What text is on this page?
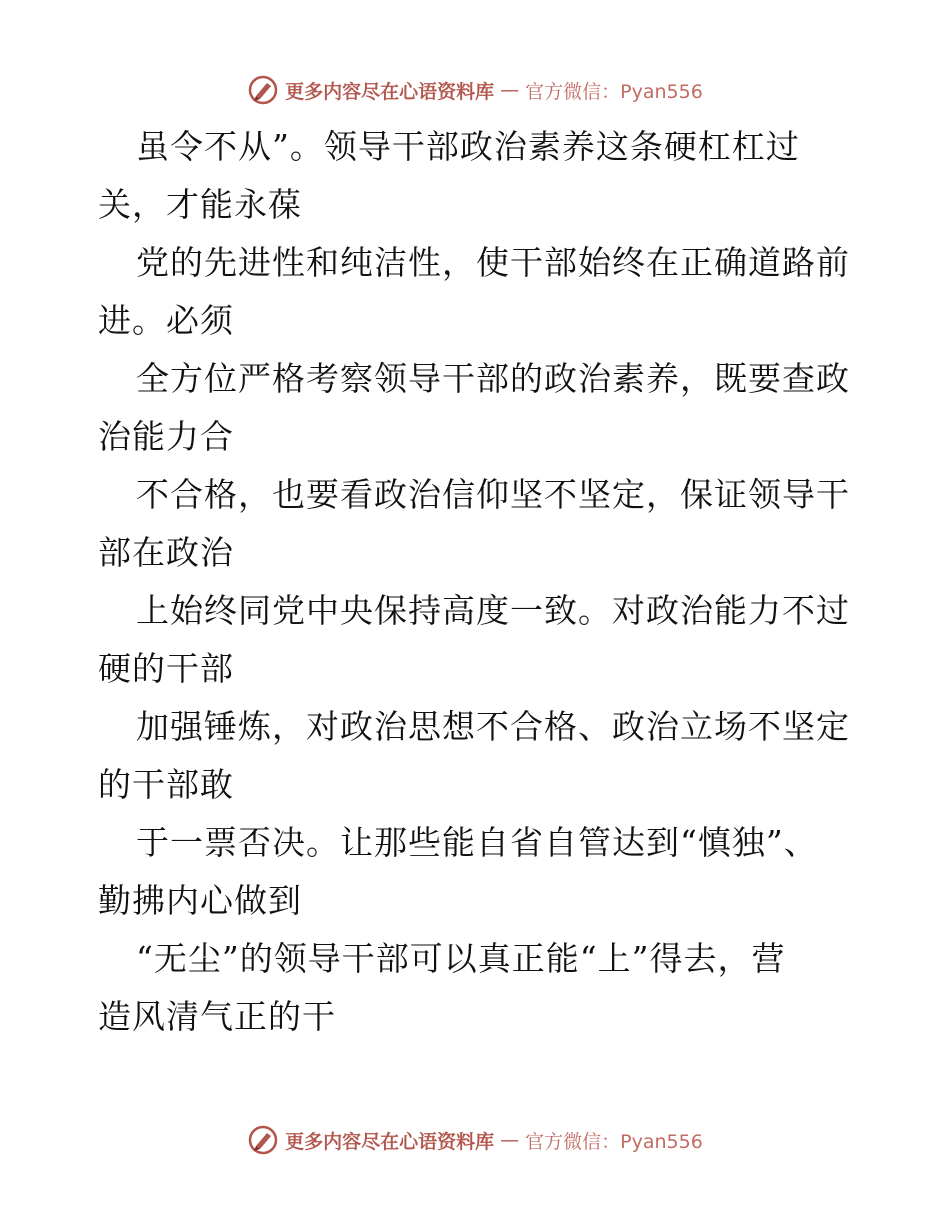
更多内容尽在心语资料库 — 官方微信：Pyan556
虽令不从”。领导干部政治素养这条硬杠杠过
关，才能永葆
党的先进性和纯洁性，使干部始终在正确道路前
进。必须
全方位严格考察领导干部的政治素养，既要查政
治能力合
不合格，也要看政治信仰坚不坚定，保证领导干
部在政治
上始终同党中央保持高度一致。对政治能力不过
硬的干部
加强锤炼，对政治思想不合格、政治立场不坚定
的干部敢
于一票否决。让那些能自省自管达到“慎独”、
勤拂内心做到
“无尘”的领导干部可以真正能“上”得去，营
造风清气正的干
更多内容尽在心语资料库 — 官方微信：Pyan556
